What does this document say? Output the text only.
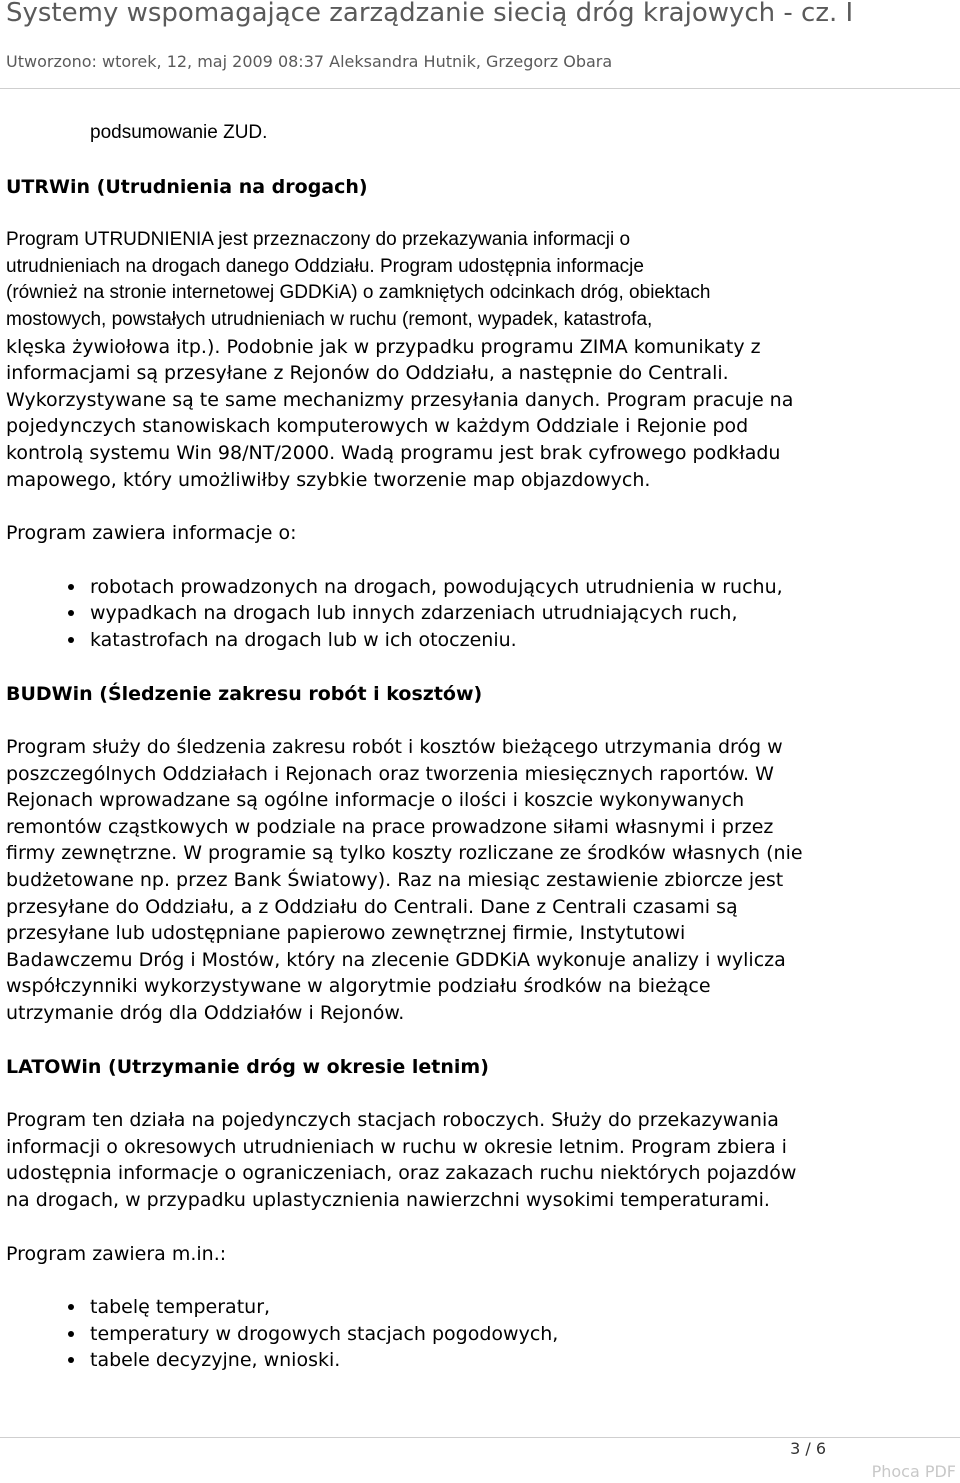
Systemy wspomagające zarządzanie siecią dróg krajowych - cz. I
Utworzono: wtorek, 12, maj 2009 08:37 Aleksandra Hutnik, Grzegorz Obara

podsumowanie ZUD.

UTRWin (Utrudnienia na drogach)

Program UTRUDNIENIA jest przeznaczony do przekazywania informacji o
utrudnieniach na drogach danego Oddziału. Program udostępnia informacje
(również na stronie internetowej GDDKiA) o zamkniętych odcinkach dróg, obiektach
mostowych, powstałych utrudnieniach w ruchu (remont, wypadek, katastrofa,
klęska żywiołowa itp.). Podobnie jak w przypadku programu ZIMA komunikaty z
informacjami są przesyłane z Rejonów do Oddziału, a następnie do Centrali.
Wykorzystywane są te same mechanizmy przesyłania danych. Program pracuje na
pojedynczych stanowiskach komputerowych w każdym Oddziale i Rejonie pod
kontrolą systemu Win 98/NT/2000. Wadą programu jest brak cyfrowego podkładu
mapowego, który umożliwiłby szybkie tworzenie map objazdowych.

Program zawiera informacje o:

robotach prowadzonych na drogach, powodujących utrudnienia w ruchu,
wypadkach na drogach lub innych zdarzeniach utrudniających ruch,
katastrofach na drogach lub w ich otoczeniu.
BUDWin (Śledzenie zakresu robót i kosztów)

Program służy do śledzenia zakresu robót i kosztów bieżącego utrzymania dróg w
poszczególnych Oddziałach i Rejonach oraz tworzenia miesięcznych raportów. W
Rejonach wprowadzane są ogólne informacje o ilości i koszcie wykonywanych
remontów cząstkowych w podziale na prace prowadzone siłami własnymi i przez
firmy zewnętrzne. W programie są tylko koszty rozliczane ze środków własnych (nie
budżetowane np. przez Bank Światowy). Raz na miesiąc zestawienie zbiorcze jest
przesyłane do Oddziału, a z Oddziału do Centrali. Dane z Centrali czasami są
przesyłane lub udostępniane papierowo zewnętrznej firmie, Instytutowi
Badawczemu Dróg i Mostów, który na zlecenie GDDKiA wykonuje analizy i wylicza
współczynniki wykorzystywane w algorytmie podziału środków na bieżące
utrzymanie dróg dla Oddziałów i Rejonów.

LATOWin (Utrzymanie dróg w okresie letnim)

Program ten działa na pojedynczych stacjach roboczych. Służy do przekazywania
informacji o okresowych utrudnieniach w ruchu w okresie letnim. Program zbiera i
udostępnia informacje o ograniczeniach, oraz zakazach ruchu niektórych pojazdów
na drogach, w przypadku uplastycznienia nawierzchni wysokimi temperaturami.

Program zawiera m.in.:

tabelę temperatur,
temperatury w drogowych stacjach pogodowych,
tabele decyzyjne, wnioski.
3 / 6
Phoca PDF
